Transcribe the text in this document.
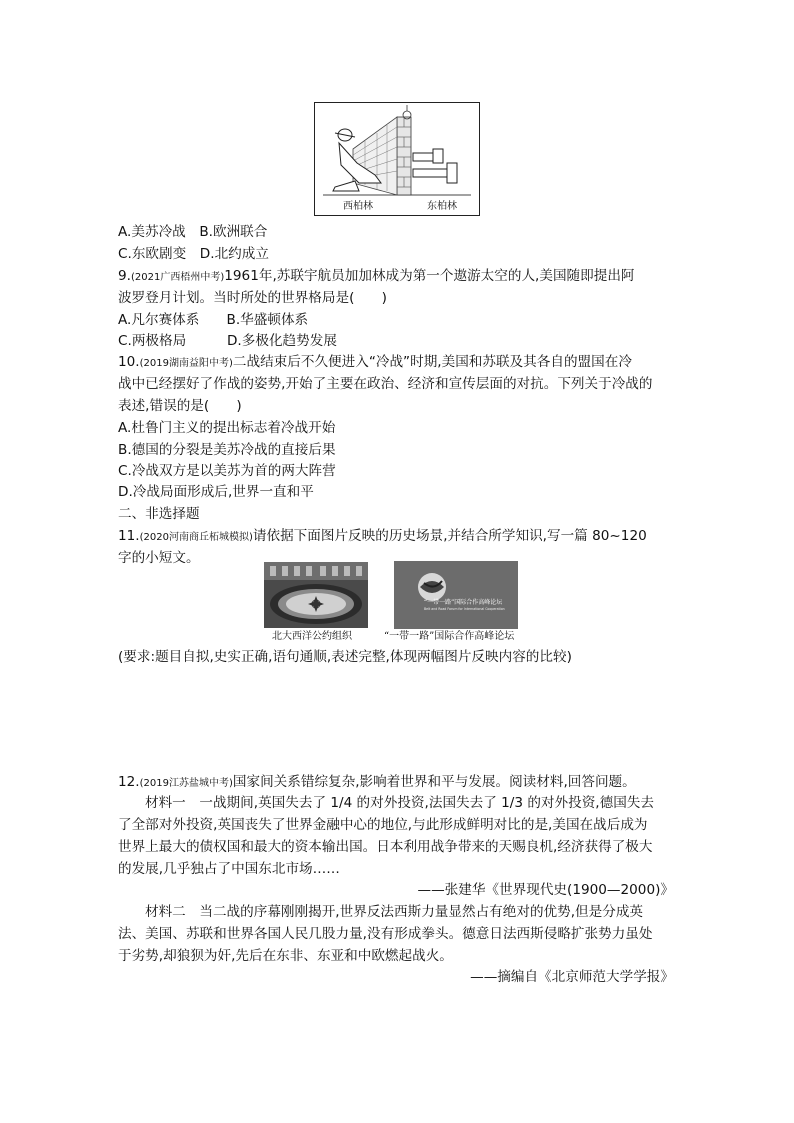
西柏林	东柏林
A.美苏冷战　B.欧洲联合
C.东欧剧变　D.北约成立
9.(2021广西梧州中考)1961年,苏联宇航员加加林成为第一个遨游太空的人,美国随即提出阿
波罗登月计划。当时所处的世界格局是(　　)
A.凡尔赛体系　　B.华盛顿体系
C.两极格局　　　D.多极化趋势发展
10.(2019湖南益阳中考)二战结束后不久便进入“冷战”时期,美国和苏联及其各自的盟国在冷
战中已经摆好了作战的姿势,开始了主要在政治、经济和宣传层面的对抗。下列关于冷战的
表述,错误的是(　　)
A.杜鲁门主义的提出标志着冷战开始
B.德国的分裂是美苏冷战的直接后果
C.冷战双方是以美苏为首的两大阵营
D.冷战局面形成后,世界一直和平
二、非选择题
11.(2020河南商丘柘城模拟)请依据下面图片反映的历史场景,并结合所学知识,写一篇 80~120
字的小短文。
“一带一路”国际合作高峰论坛
Belt and Road Forum for International Cooperation
北大西洋公约组织	“一带一路”国际合作高峰论坛
(要求:题目自拟,史实正确,语句通顺,表述完整,体现两幅图片反映内容的比较)
12.(2019江苏盐城中考)国家间关系错综复杂,影响着世界和平与发展。阅读材料,回答问题。
材料一　一战期间,英国失去了 1/4 的对外投资,法国失去了 1/3 的对外投资,德国失去
了全部对外投资,英国丧失了世界金融中心的地位,与此形成鲜明对比的是,美国在战后成为
世界上最大的债权国和最大的资本输出国。日本利用战争带来的天赐良机,经济获得了极大
的发展,几乎独占了中国东北市场……
——张建华《世界现代史(1900—2000)》
材料二　当二战的序幕刚刚揭开,世界反法西斯力量显然占有绝对的优势,但是分成英
法、美国、苏联和世界各国人民几股力量,没有形成拳头。德意日法西斯侵略扩张势力虽处
于劣势,却狼狈为奸,先后在东非、东亚和中欧燃起战火。
——摘编自《北京师范大学学报》
